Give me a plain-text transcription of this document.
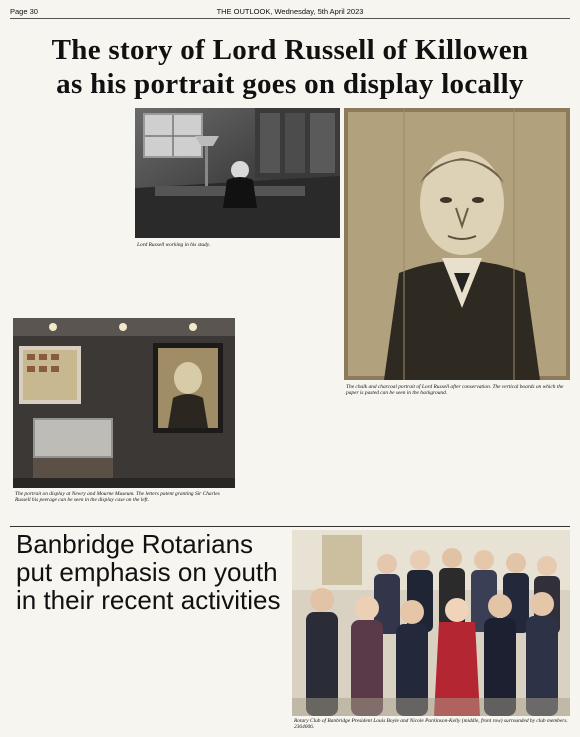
Page 30	THE OUTLOOK, Wednesday, 5th April 2023
The story of Lord Russell of Killowen
as his portrait goes on display locally

Lord Russell working in his study.

The chalk and charcoal portrait of Lord Russell after conservation. The vertical boards on which the paper is pasted can be seen in the background.
The portrait on display at Newry and Mourne Museum. The letters patent granting Sir Charles Russell his peerage can be seen in the display case on the left.

Banbridge Rotarians
put emphasis on youth
in their recent activities

Rotary Club of Banbridge President Louis Boyle and Nicole Parkinson-Kelly (middle, front row) surrounded by club members. 2364006.
